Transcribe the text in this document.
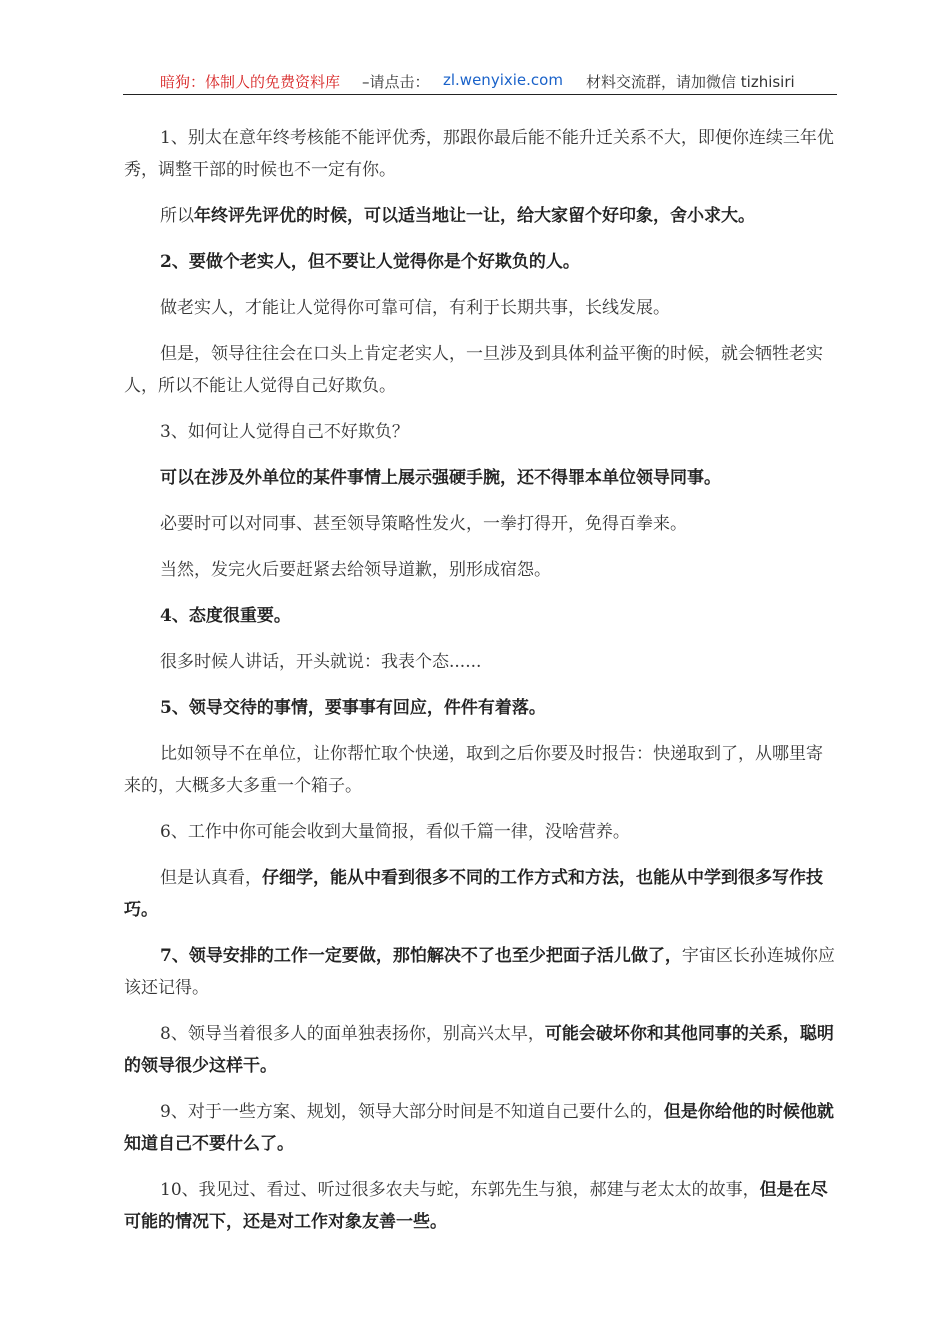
暗狗：体制人的免费资料库 –请点击： zl.wenyixie.com 材料交流群，请加微信 tizhisiri

1、别太在意年终考核能不能评优秀，那跟你最后能不能升迁关系不大，即便你连续三年优秀，调整干部的时候也不一定有你。

所以年终评先评优的时候，可以适当地让一让，给大家留个好印象，舍小求大。

2、要做个老实人，但不要让人觉得你是个好欺负的人。

做老实人，才能让人觉得你可靠可信，有利于长期共事，长线发展。

但是，领导往往会在口头上肯定老实人，一旦涉及到具体利益平衡的时候，就会牺牲老实人，所以不能让人觉得自己好欺负。

3、如何让人觉得自己不好欺负？

可以在涉及外单位的某件事情上展示强硬手腕，还不得罪本单位领导同事。

必要时可以对同事、甚至领导策略性发火，一拳打得开，免得百拳来。

当然，发完火后要赶紧去给领导道歉，别形成宿怨。

4、态度很重要。

很多时候人讲话，开头就说：我表个态......

5、领导交待的事情，要事事有回应，件件有着落。

比如领导不在单位，让你帮忙取个快递，取到之后你要及时报告：快递取到了，从哪里寄来的，大概多大多重一个箱子。

6、工作中你可能会收到大量简报，看似千篇一律，没啥营养。

但是认真看，仔细学，能从中看到很多不同的工作方式和方法，也能从中学到很多写作技巧。

7、领导安排的工作一定要做，那怕解决不了也至少把面子活儿做了，宇宙区长孙连城你应该还记得。

8、领导当着很多人的面单独表扬你，别高兴太早，可能会破坏你和其他同事的关系，聪明的领导很少这样干。

9、对于一些方案、规划，领导大部分时间是不知道自己要什么的，但是你给他的时候他就知道自己不要什么了。

10、我见过、看过、听过很多农夫与蛇，东郭先生与狼，郝建与老太太的故事，但是在尽可能的情况下，还是对工作对象友善一些。
